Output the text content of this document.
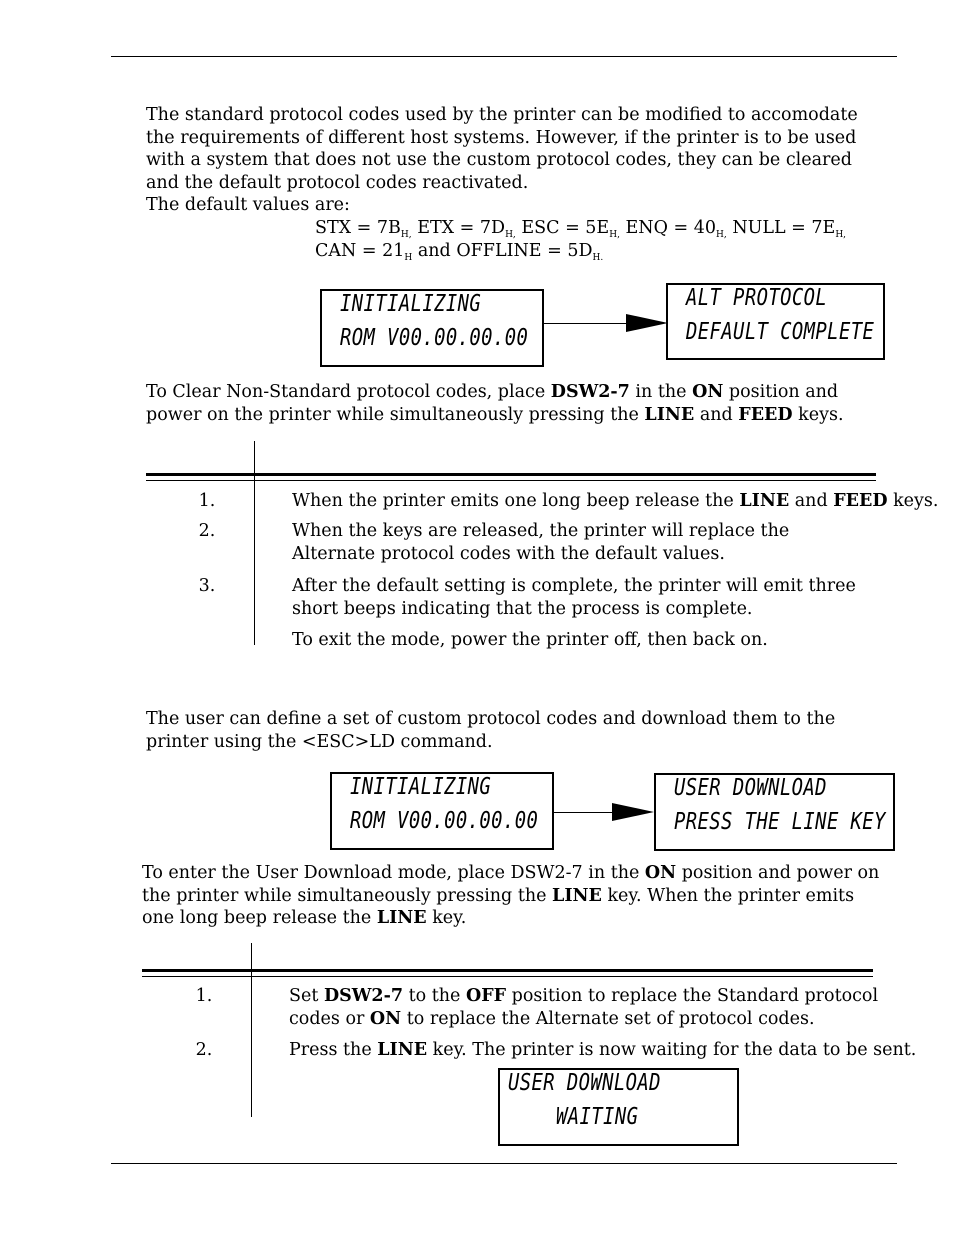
The standard protocol codes used by the printer can be modified to accomodate the requirements of different host systems. However, if the printer is to be used with a system that does not use the custom protocol codes, they can be cleared and the default protocol codes reactivated.

The default values are:

STX = $7B_{H,}$ ETX = $7D_{H,}$ ESC = $5E_{H,}$ ENQ = $40_{H,}$ NULL = $7E_{H,}$
CAN = $21_H$ and OFFLINE = $5D_{H.}$
INITIALIZING
ROM V00.00.00.00
ALT PROTOCOL
DEFAULT COMPLETE
To Clear Non-Standard protocol codes, place DSW2-7 in the ON position and power on the printer while simultaneously pressing the LINE and FEED keys.
1.	When the printer emits one long beep release the LINE and FEED keys.
2.	When the keys are released, the printer will replace the Alternate protocol codes with the default values.
3.	After the default setting is complete, the printer will emit three short beeps indicating that the process is complete.
To exit the mode, power the printer off, then back on.
The user can define a set of custom protocol codes and download them to the printer using the <ESC>LD command.
INITIALIZING
ROM V00.00.00.00
USER DOWNLOAD
PRESS THE LINE KEY
To enter the User Download mode, place DSW2-7 in the ON position and power on the printer while simultaneously pressing the LINE key. When the printer emits one long beep release the LINE key.
1.	Set DSW2-7 to the OFF position to replace the Standard protocol codes or ON to replace the Alternate set of protocol codes.
2.	Press the LINE key. The printer is now waiting for the data to be sent.
USER DOWNLOAD
WAITING
